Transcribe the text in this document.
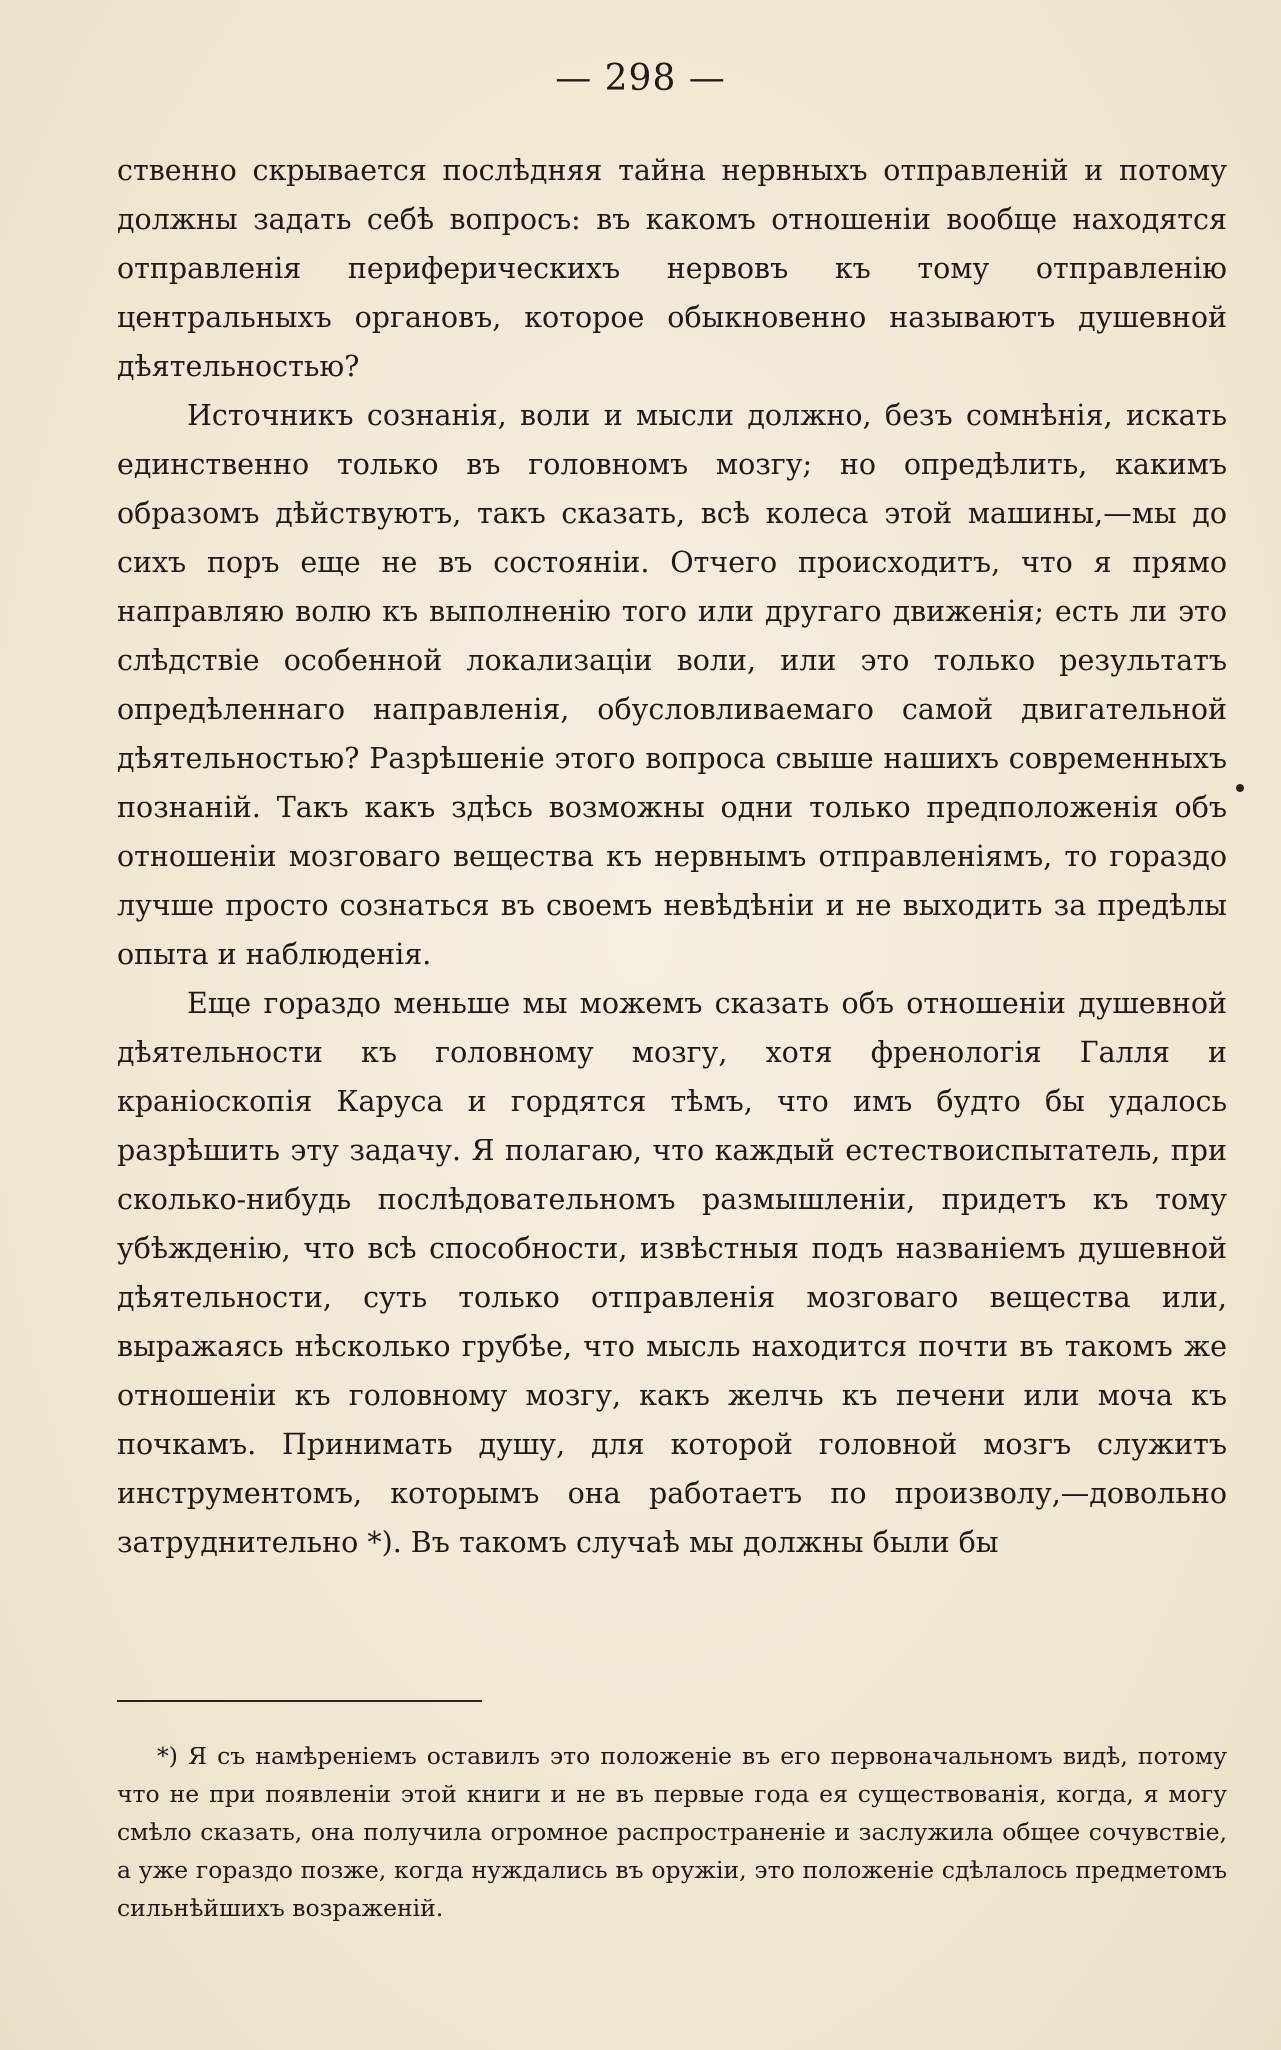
— 298 —

ственно скрывается послѣдняя тайна нервныхъ отправленій и потому должны задать себѣ вопросъ: въ какомъ отношеніи вообще находятся отправленія периферическихъ нервовъ къ тому отправленію центральныхъ органовъ, которое обыкновенно называютъ душевной дѣятельностью?

Источникъ сознанія, воли и мысли должно, безъ сомнѣнія, искать единственно только въ головномъ мозгу; но опредѣлить, какимъ образомъ дѣйствуютъ, такъ сказать, всѣ колеса этой машины,—мы до сихъ поръ еще не въ состояніи. Отчего происходитъ, что я прямо направляю волю къ выполненію того или другаго движенія; есть ли это слѣдствіе особенной локализаціи воли, или это только результатъ опредѣленнаго направленія, обусловливаемаго самой двигательной дѣятельностью? Разрѣшеніе этого вопроса свыше нашихъ современныхъ познаній. Такъ какъ здѣсь возможны одни только предположенія объ отношеніи мозговаго вещества къ нервнымъ отправленіямъ, то гораздо лучше просто сознаться въ своемъ невѣдѣніи и не выходить за предѣлы опыта и наблюденія.

Еще гораздо меньше мы можемъ сказать объ отношеніи душевной дѣятельности къ головному мозгу, хотя френологія Галля и краніоскопія Каруса и гордятся тѣмъ, что имъ будто бы удалось разрѣшить эту задачу. Я полагаю, что каждый естествоиспытатель, при сколько-нибудь послѣдовательномъ размышленіи, придетъ къ тому убѣжденію, что всѣ способности, извѣстныя подъ названіемъ душевной дѣятельности, суть только отправленія мозговаго вещества или, выражаясь нѣсколько грубѣе, что мысль находится почти въ такомъ же отношеніи къ головному мозгу, какъ желчь къ печени или моча къ почкамъ. Принимать душу, для которой головной мозгъ служитъ инструментомъ, которымъ она работаетъ по произволу,—довольно затруднительно *). Въ такомъ случаѣ мы должны были бы

*) Я съ намѣреніемъ оставилъ это положеніе въ его первоначальномъ видѣ, потому что не при появленіи этой книги и не въ первые года ея существованія, когда, я могу смѣло сказать, она получила огромное распространеніе и заслужила общее сочувствіе, а уже гораздо позже, когда нуждались въ оружіи, это положеніе сдѣлалось предметомъ сильнѣйшихъ возраженій.
